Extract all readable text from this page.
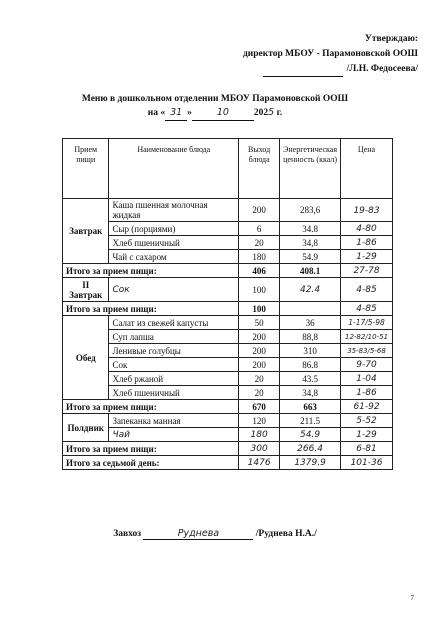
Утверждаю:
директор МБОУ - Парамоновской ООШ
/Л.Н. Федосеева/
Меню в дошкольном отделении МБОУ Парамоновской ООШ
на « 31 »	10	2025 г.
Прием пищи	Наименование блюда	Выход блюда	Энергетическая ценность (ккал)	Цена
Завтрак	Каша пшенная молочная жидкая	200	283,6	19-83
	Сыр (порциями)	6	34.8	4-80
	Хлеб пшеничный	20	34,8	1-86
	Чай с сахаром	180	54.9	1-29
Итого за прием пищи:		406	408.1	27-78
II Завтрак	Сок	100	42.4	4-85
Итого за прием пищи:		100		4-85
Обед	Салат из свежей капусты	50	36	1-17/5-98
	Суп лапша	200	88,8	12-82/10-51
	Ленивые голубцы	200	310	35-83/5-68
	Сок	200	86.8	9-70
	Хлеб ржаной	20	43.5	1-04
	Хлеб пшеничный	20	34,8	1-86
Итого за прием пищи:		670	663	61-92
Полдник	Запеканка манная	120	211.5	5-52
	Чай	180	54.9	1-29
Итого за прием пищи:		300	266.4	6-81
Итого за седьмой день:		1476	1379.9	101-36
Завхоз	Руднева	/Руднева Н.А./
7
